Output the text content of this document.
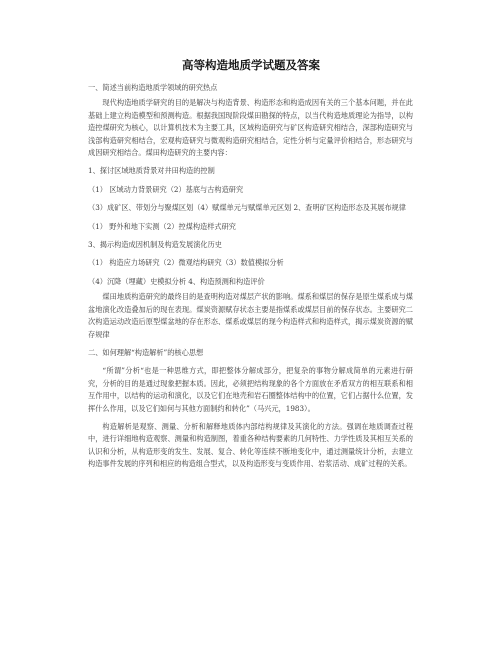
高等构造地质学试题及答案

一、简述当前构造地质学领域的研究热点

现代构造地质学研究的目的是解决与构造背景、构造形态和构造成因有关的三个基本问题，并在此基础上建立构造模型和预测构造。根据我国现阶段煤田勘探的特点，以当代构造地质理论为指导，以构造控煤研究为核心，以计算机技术为主要工具，区域构造研究与矿区构造研究相结合，深部构造研究与浅部构造研究相结合，宏观构造研究与微观构造研究相结合，定性分析与定量评价相结合，形态研究与成因研究相结合。煤田构造研究的主要内容：

1、探讨区域地质背景对井田构造的控制

（1） 区域动力背景研究（2）基底与古构造研究

（3）成矿区、带划分与聚煤区划（4）赋煤单元与赋煤单元区划 2、查明矿区构造形态及其展布规律

（1） 野外和地下实测（2）控煤构造样式研究

3、揭示构造成因机制及构造发展演化历史

（1） 构造应力场研究（2）微观结构研究（3）数值模拟分析

（4）沉降（埋藏）史模拟分析 4、构造预测和构造评价

煤田地质构造研究的最终目的是查明构造对煤层产状的影响。煤系和煤层的保存是原生煤系成与煤盆地演化改造叠加后的现在表现。煤炭资源赋存状态主要是指煤系或煤层目前的保存状态。主要研究二次构造运动改造后原型煤盆地的存在形态、煤系或煤层的现今构造样式和构造样式，揭示煤炭资源的赋存规律

二、如何理解“构造解析”的核心思想

“所谓”分析“也是一种思维方式，即把整体分解成部分，把复杂的事物分解成简单的元素进行研究，分析的目的是通过现象把握本质。因此，必须把结构现象的各个方面放在矛盾双方的相互联系和相互作用中，以结构的运动和演化，以及它们在地壳和岩石圈整体结构中的位置，它们占据什么位置，发挥什么作用，以及它们如何与其他方面制约和转化”（马兴元，1983）。

构造解析是观察、测量、分析和解释地质体内部结构规律及其演化的方法。强调在地质调查过程中，进行详细地构造观察、测量和构造制图，着重各种结构要素的几何特性、力学性质及其相互关系的认识和分析，从构造形变的发生、发展、复合、转化等连续不断地变化中，通过测量统计分析，去建立构造事件发展的序列和相应的构造组合型式，以及构造形变与变质作用、岩浆活动、成矿过程的关系。
